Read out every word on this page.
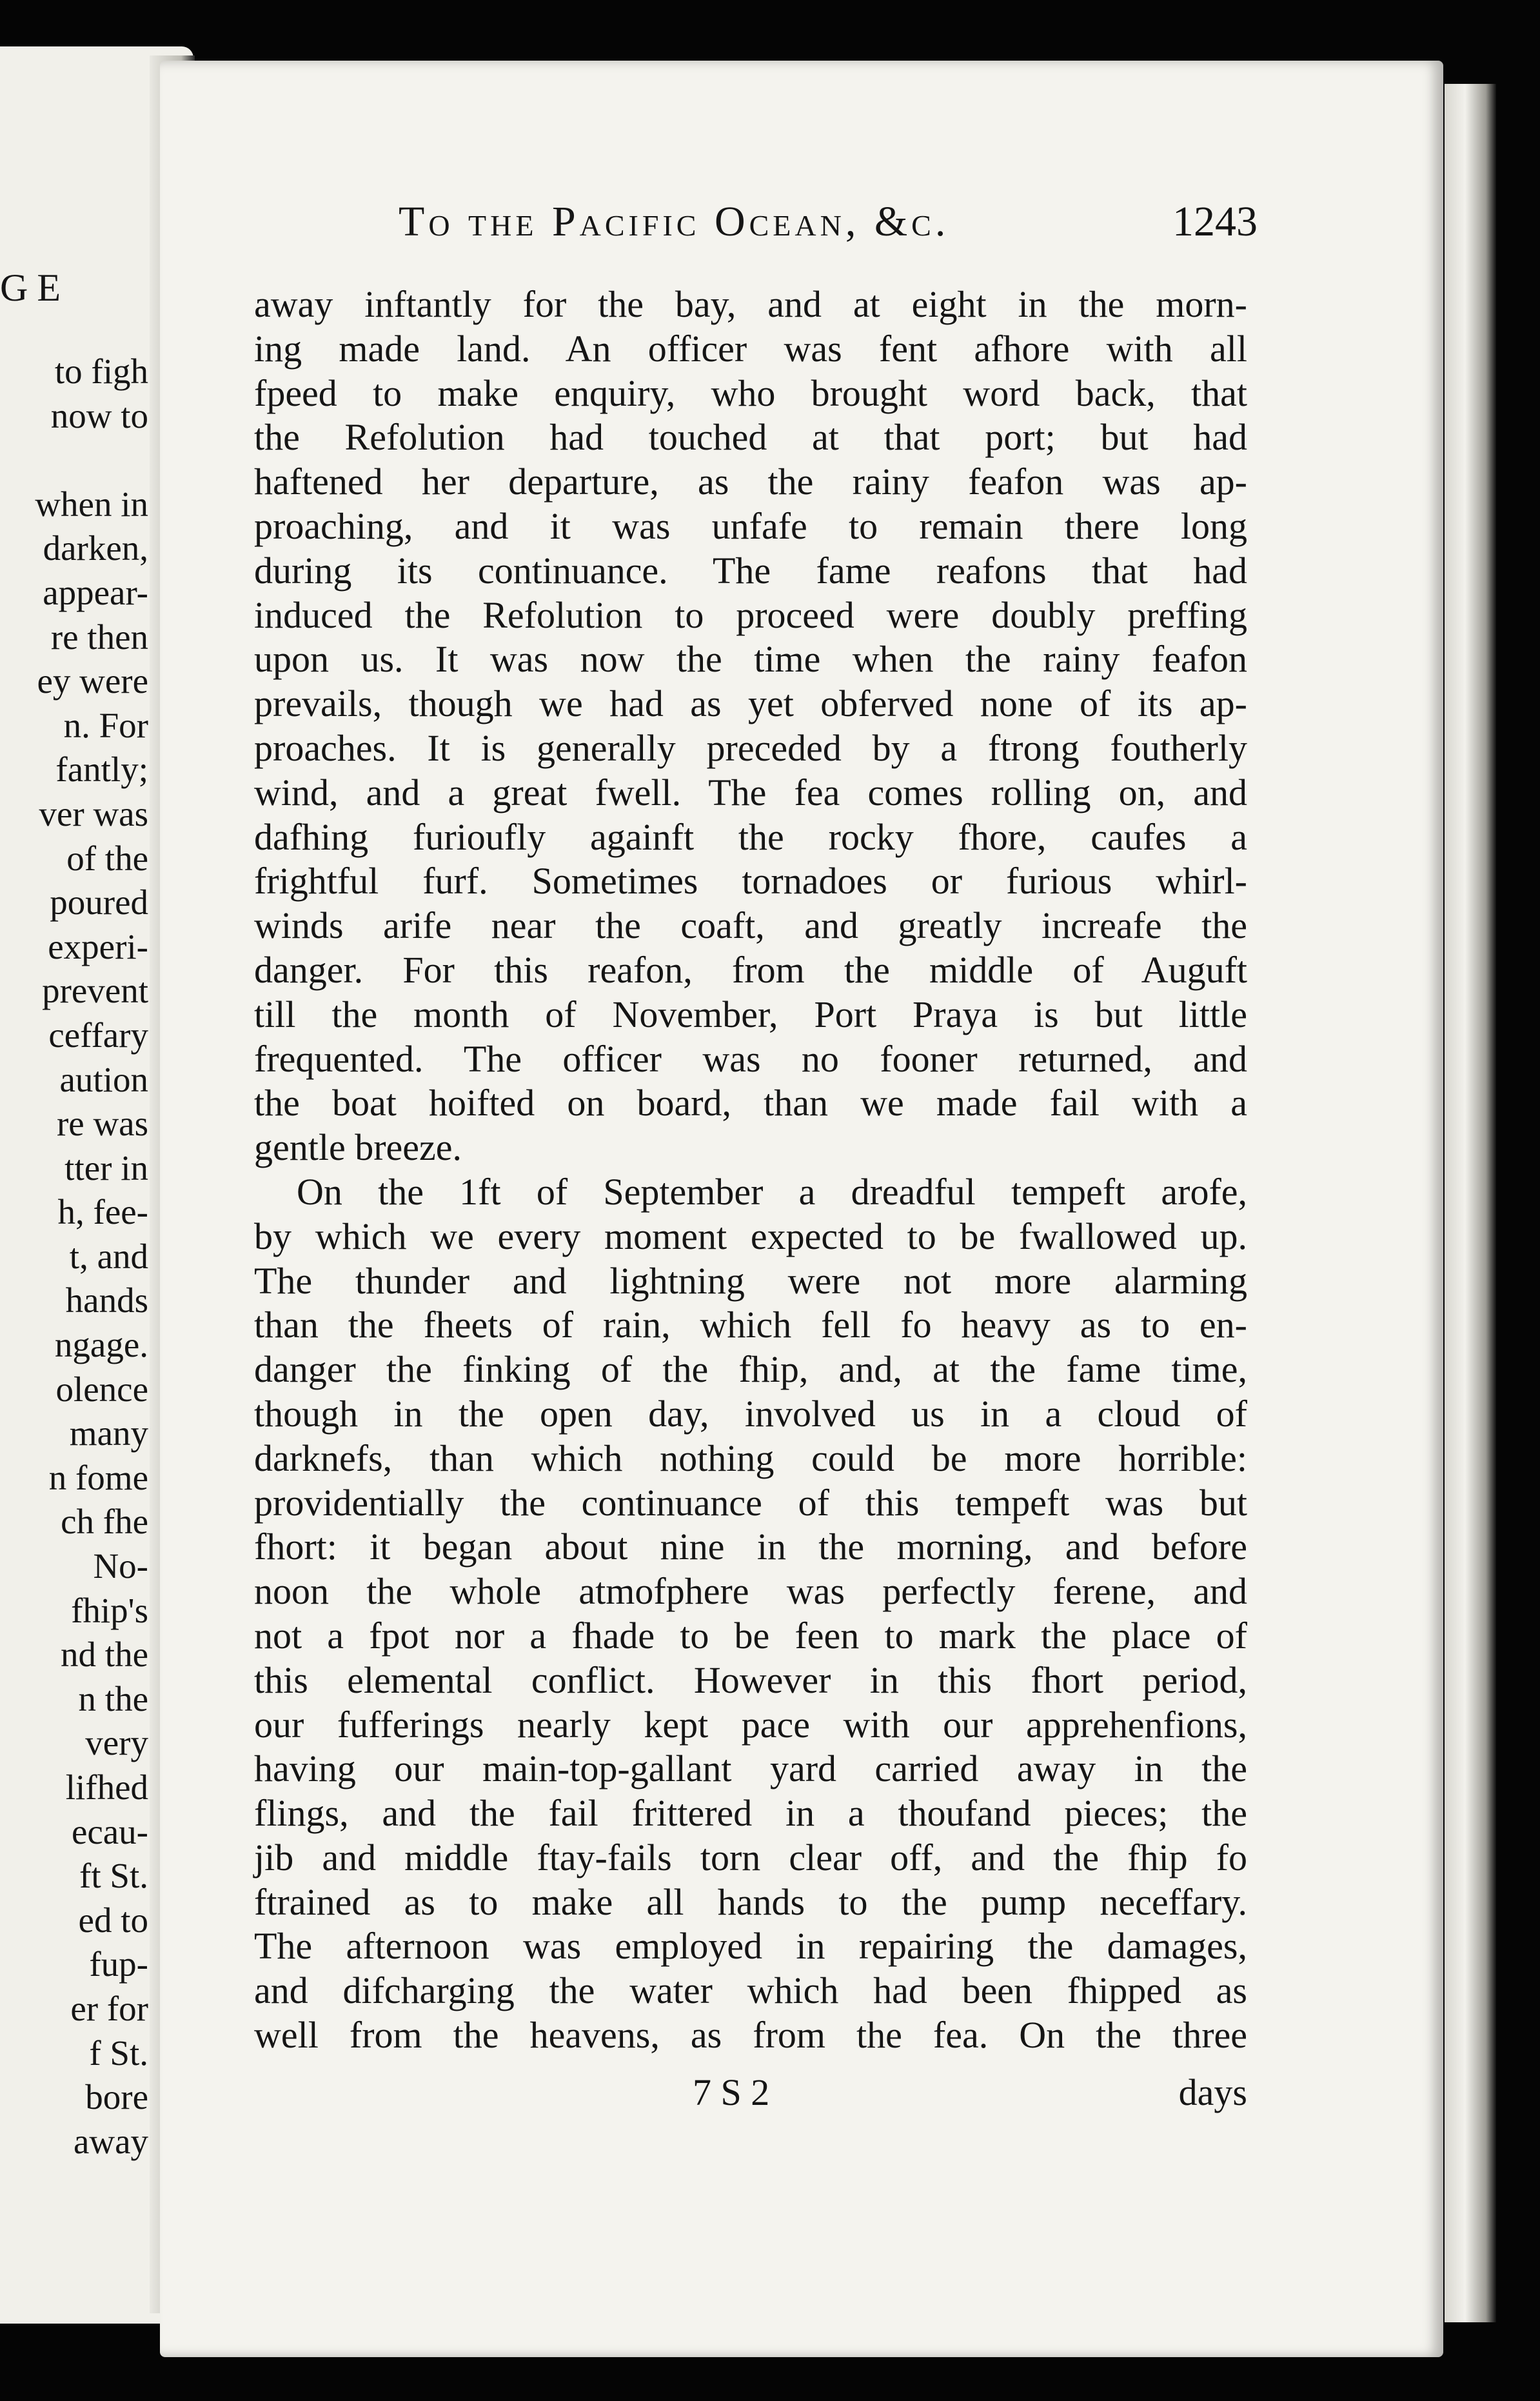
GE
to figh
now to
when in
darken,
appear-
re then
ey were
n. For
fantly;
ver was
of the
poured
experi-
prevent
ceffary
aution
re was
tter in
h, fee-
t, and
hands
ngage.
olence
many
n fome
ch fhe
No-
fhip's
nd the
n the
very
lifhed
ecau-
ft St.
ed to
fup-
er for
f St.
bore
away
To the Pacific Ocean, &c.	1243
away inftantly for the bay, and at eight in the morn-
ing made land. An officer was fent afhore with all
fpeed to make enquiry, who brought word back, that
the Refolution had touched at that port; but had
haftened her departure, as the rainy feafon was ap-
proaching, and it was unfafe to remain there long
during its continuance. The fame reafons that had
induced the Refolution to proceed were doubly preffing
upon us. It was now the time when the rainy feafon
prevails, though we had as yet obferved none of its ap-
proaches. It is generally preceded by a ftrong foutherly
wind, and a great fwell. The fea comes rolling on, and
dafhing furioufly againft the rocky fhore, caufes a
frightful furf. Sometimes tornadoes or furious whirl-
winds arife near the coaft, and greatly increafe the
danger. For this reafon, from the middle of Auguft
till the month of November, Port Praya is but little
frequented. The officer was no fooner returned, and
the boat hoifted on board, than we made fail with a
gentle breeze.
On the 1ft of September a dreadful tempeft arofe,
by which we every moment expected to be fwallowed up.
The thunder and lightning were not more alarming
than the fheets of rain, which fell fo heavy as to en-
danger the finking of the fhip, and, at the fame time,
though in the open day, involved us in a cloud of
darknefs, than which nothing could be more horrible:
providentially the continuance of this tempeft was but
fhort: it began about nine in the morning, and before
noon the whole atmofphere was perfectly ferene, and
not a fpot nor a fhade to be feen to mark the place of
this elemental conflict. However in this fhort period,
our fufferings nearly kept pace with our apprehenfions,
having our main-top-gallant yard carried away in the
flings, and the fail frittered in a thoufand pieces; the
jib and middle ftay-fails torn clear off, and the fhip fo
ftrained as to make all hands to the pump neceffary.
The afternoon was employed in repairing the damages,
and difcharging the water which had been fhipped as
well from the heavens, as from the fea. On the three
7 S 2	days
